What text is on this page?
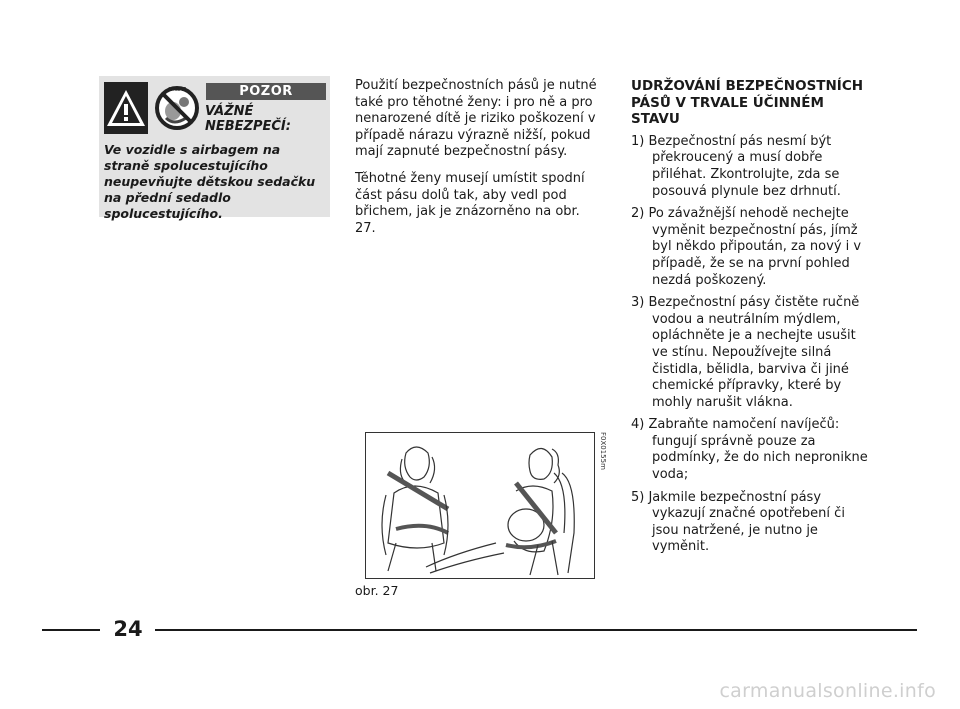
AIRBAG	POZOR
VÁŽNÉ NEBEZPEČÍ:
Ve vozidle s airbagem na straně spolucestujícího neupevňujte dětskou sedačku na přední sedadlo spolucestujícího.

Použití bezpečnostních pásů je nutné také pro těhotné ženy: i pro ně a pro nenarozené dítě je riziko poškození v případě nárazu výrazně nižší, pokud mají zapnuté bezpečnostní pásy.

Těhotné ženy musejí umístit spodní část pásu dolů tak, aby vedl pod břichem, jak je znázorněno na obr. 27.

UDRŽOVÁNÍ BEZPEČNOSTNÍCH PÁSŮ V TRVALE ÚČINNÉM STAVU
1) Bezpečnostní pás nesmí být překroucený a musí dobře přiléhat. Zkontrolujte, zda se posouvá plynule bez drhnutí.
2) Po závažnější nehodě nechejte vyměnit bezpečnostní pás, jímž byl někdo připoután, za nový i v případě, že se na první pohled nezdá poškozený.
3) Bezpečnostní pásy čistěte ručně vodou a neutrálním mýdlem, opláchněte je a nechejte usušit ve stínu. Nepoužívejte silná čistidla, bělidla, barviva či jiné chemické přípravky, které by mohly narušit vlákna.
4) Zabraňte namočení navíječů: fungují správně pouze za podmínky, že do nich nepronikne voda;
5) Jakmile bezpečnostní pásy vykazují značné opotřebení či jsou natržené, je nutno je vyměnit.
F0X0155m
obr. 27
24
carmanualsonline.info
